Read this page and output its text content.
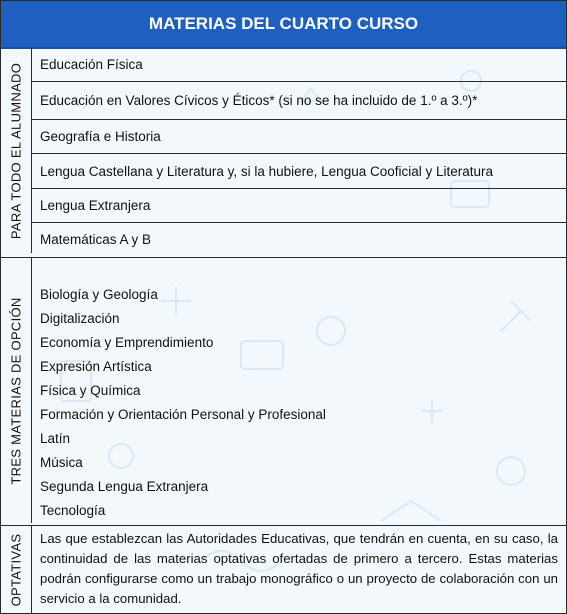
MATERIAS DEL CUARTO CURSO
PARA TODO EL ALUMNADO	Educación Física
Educación en Valores Cívicos y Éticos* (si no se ha incluido de 1.º a 3.º)*
Geografía e Historia
Lengua Castellana y Literatura y, si la hubiere, Lengua Cooficial y Literatura
Lengua Extranjera
Matemáticas A y B
TRES MATERIAS DE OPCIÓN
Biología y Geología
Digitalización
Economía y Emprendimiento
Expresión Artística
Física y Química
Formación y Orientación Personal y Profesional
Latín
Música
Segunda Lengua Extranjera
Tecnología
OPTATIVAS	Las que establezcan las Autoridades Educativas, que tendrán en cuenta, en su caso, la continuidad de las materias optativas ofertadas de primero a tercero. Estas materias podrán configurarse como un trabajo monográfico o un proyecto de colaboración con un servicio a la comunidad.
